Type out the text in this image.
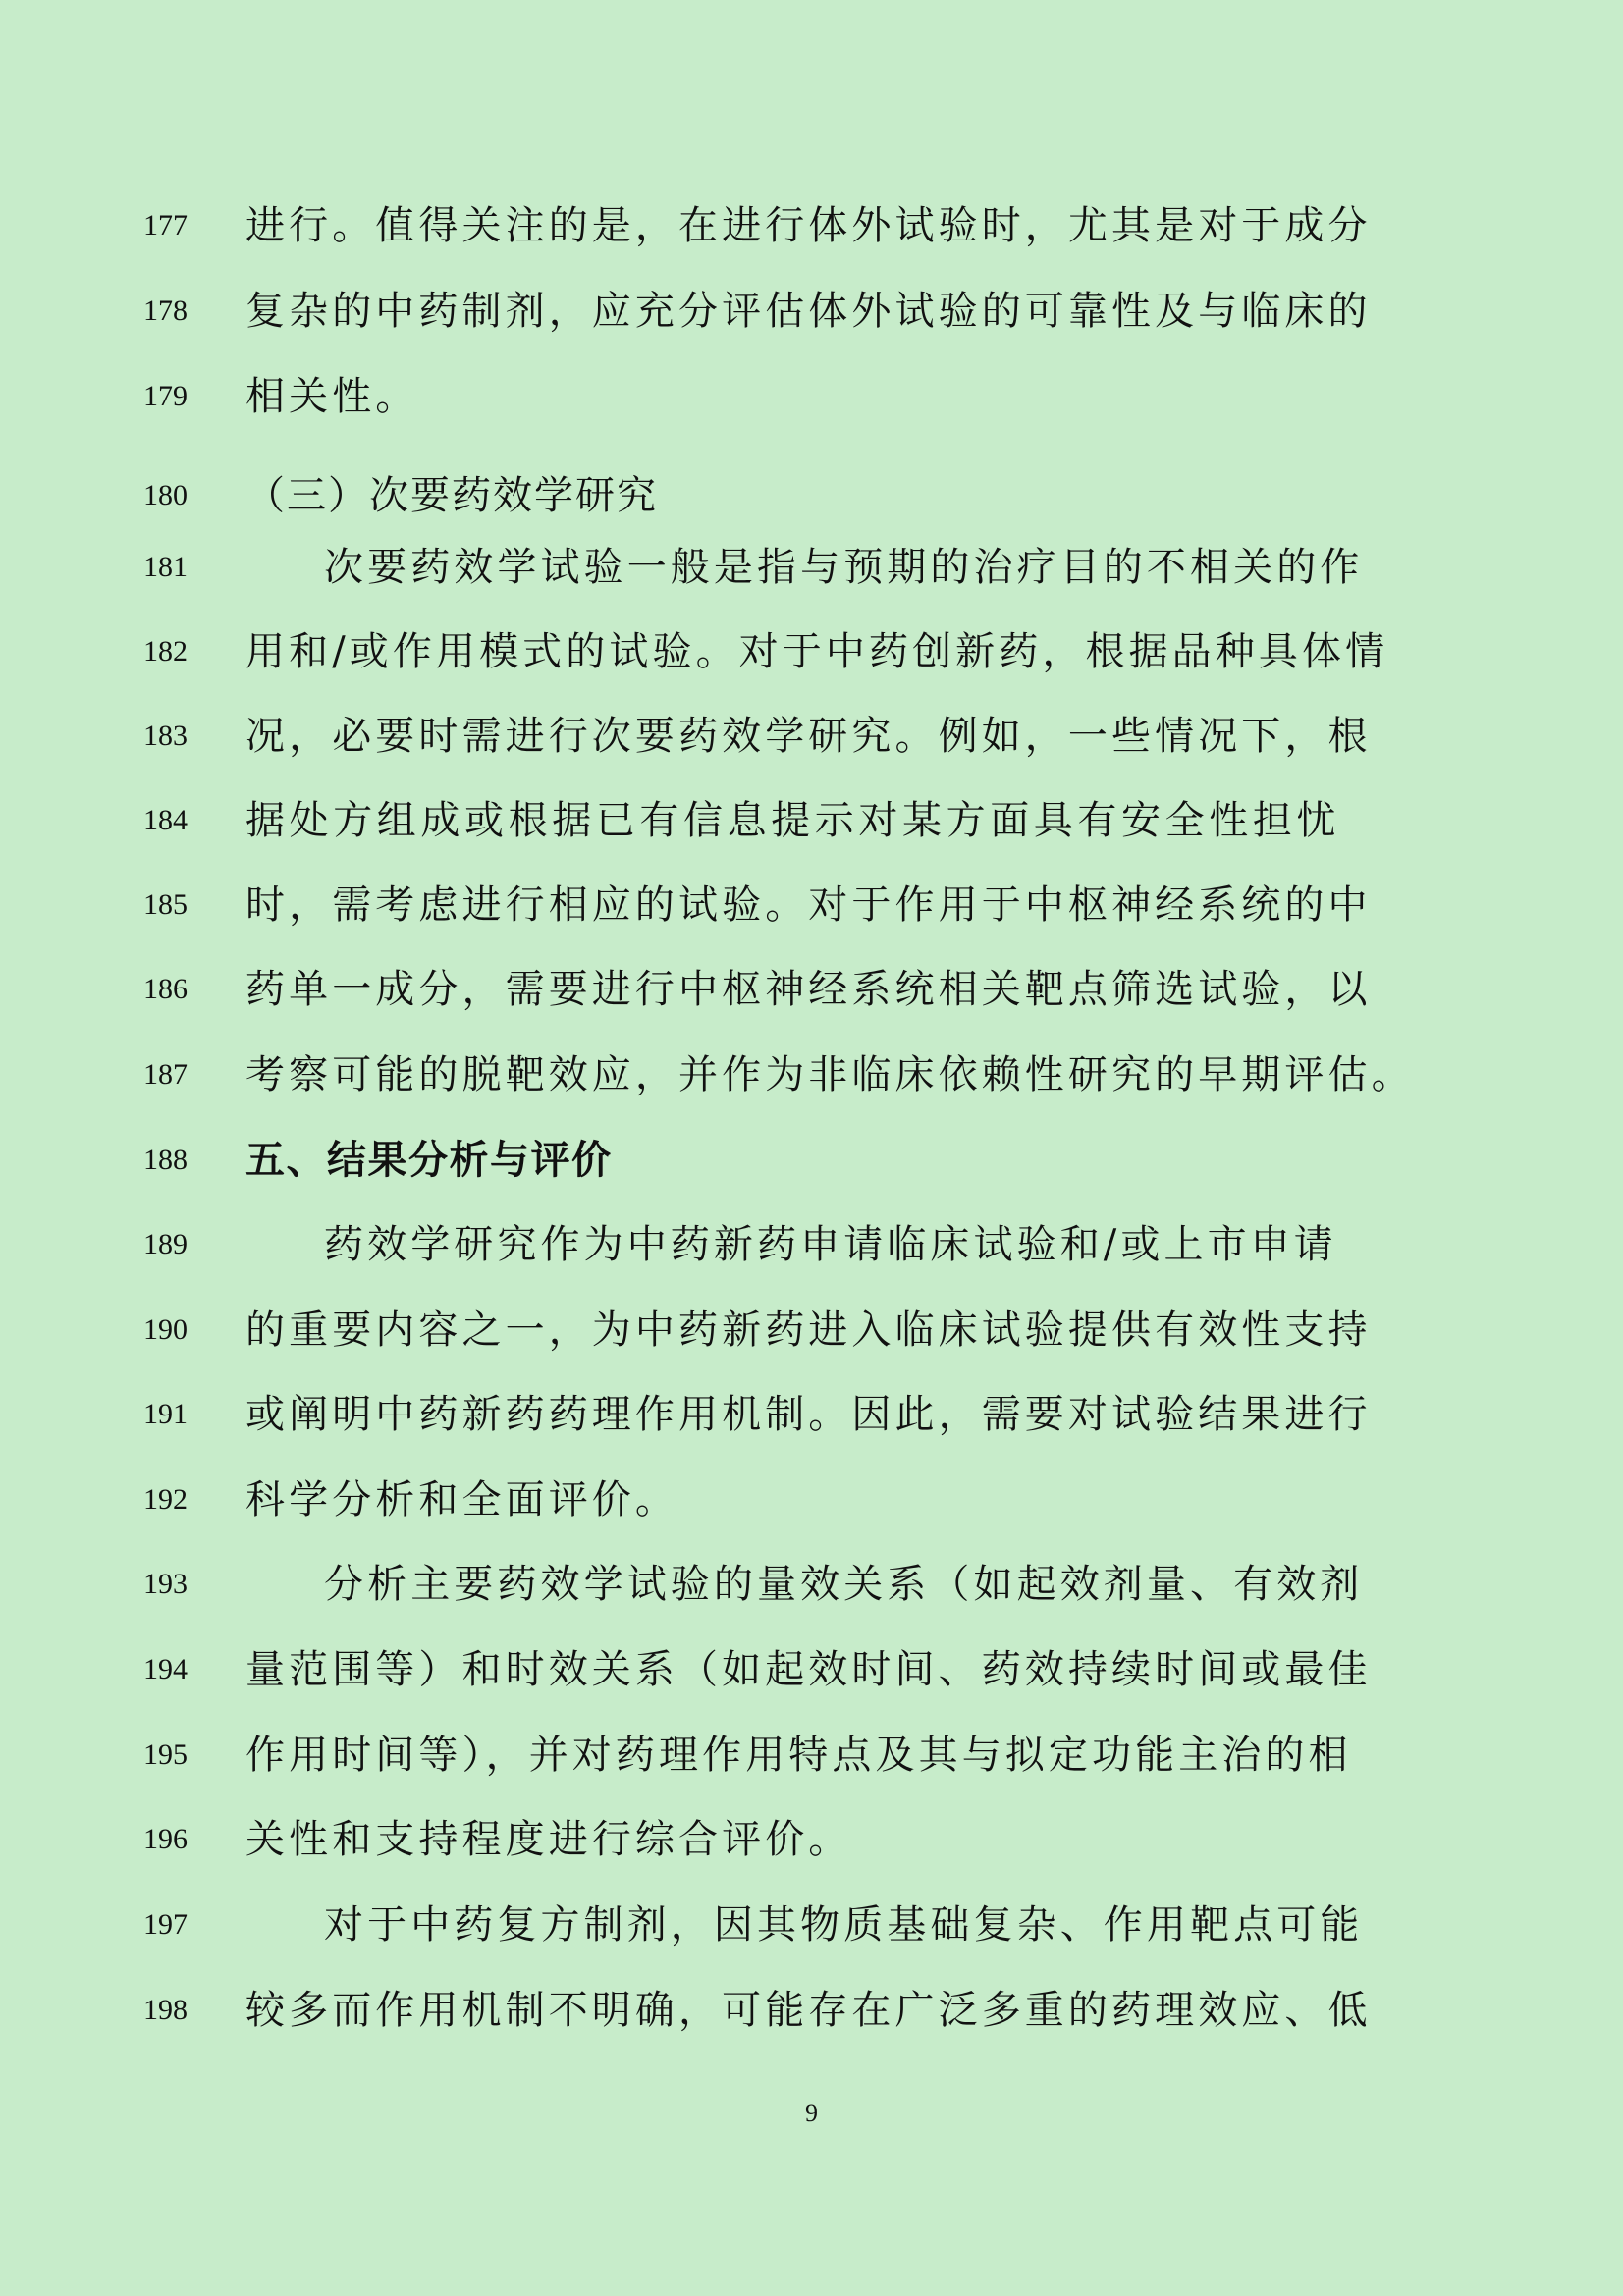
177 进行。值得关注的是，在进行体外试验时，尤其是对于成分
178 复杂的中药制剂，应充分评估体外试验的可靠性及与临床的
179 相关性。
180 （三）次要药效学研究
181	次要药效学试验一般是指与预期的治疗目的不相关的作
182 用和/或作用模式的试验。对于中药创新药，根据品种具体情
183 况，必要时需进行次要药效学研究。例如，一些情况下，根
184 据处方组成或根据已有信息提示对某方面具有安全性担忧
185 时，需考虑进行相应的试验。对于作用于中枢神经系统的中
186 药单一成分，需要进行中枢神经系统相关靶点筛选试验，以
187 考察可能的脱靶效应，并作为非临床依赖性研究的早期评估。
188 五、结果分析与评价
189	药效学研究作为中药新药申请临床试验和/或上市申请
190 的重要内容之一，为中药新药进入临床试验提供有效性支持
191 或阐明中药新药药理作用机制。因此，需要对试验结果进行
192 科学分析和全面评价。
193	分析主要药效学试验的量效关系（如起效剂量、有效剂
194 量范围等）和时效关系（如起效时间、药效持续时间或最佳
195 作用时间等），并对药理作用特点及其与拟定功能主治的相
196 关性和支持程度进行综合评价。
197	对于中药复方制剂，因其物质基础复杂、作用靶点可能
198 较多而作用机制不明确，可能存在广泛多重的药理效应、低
9
